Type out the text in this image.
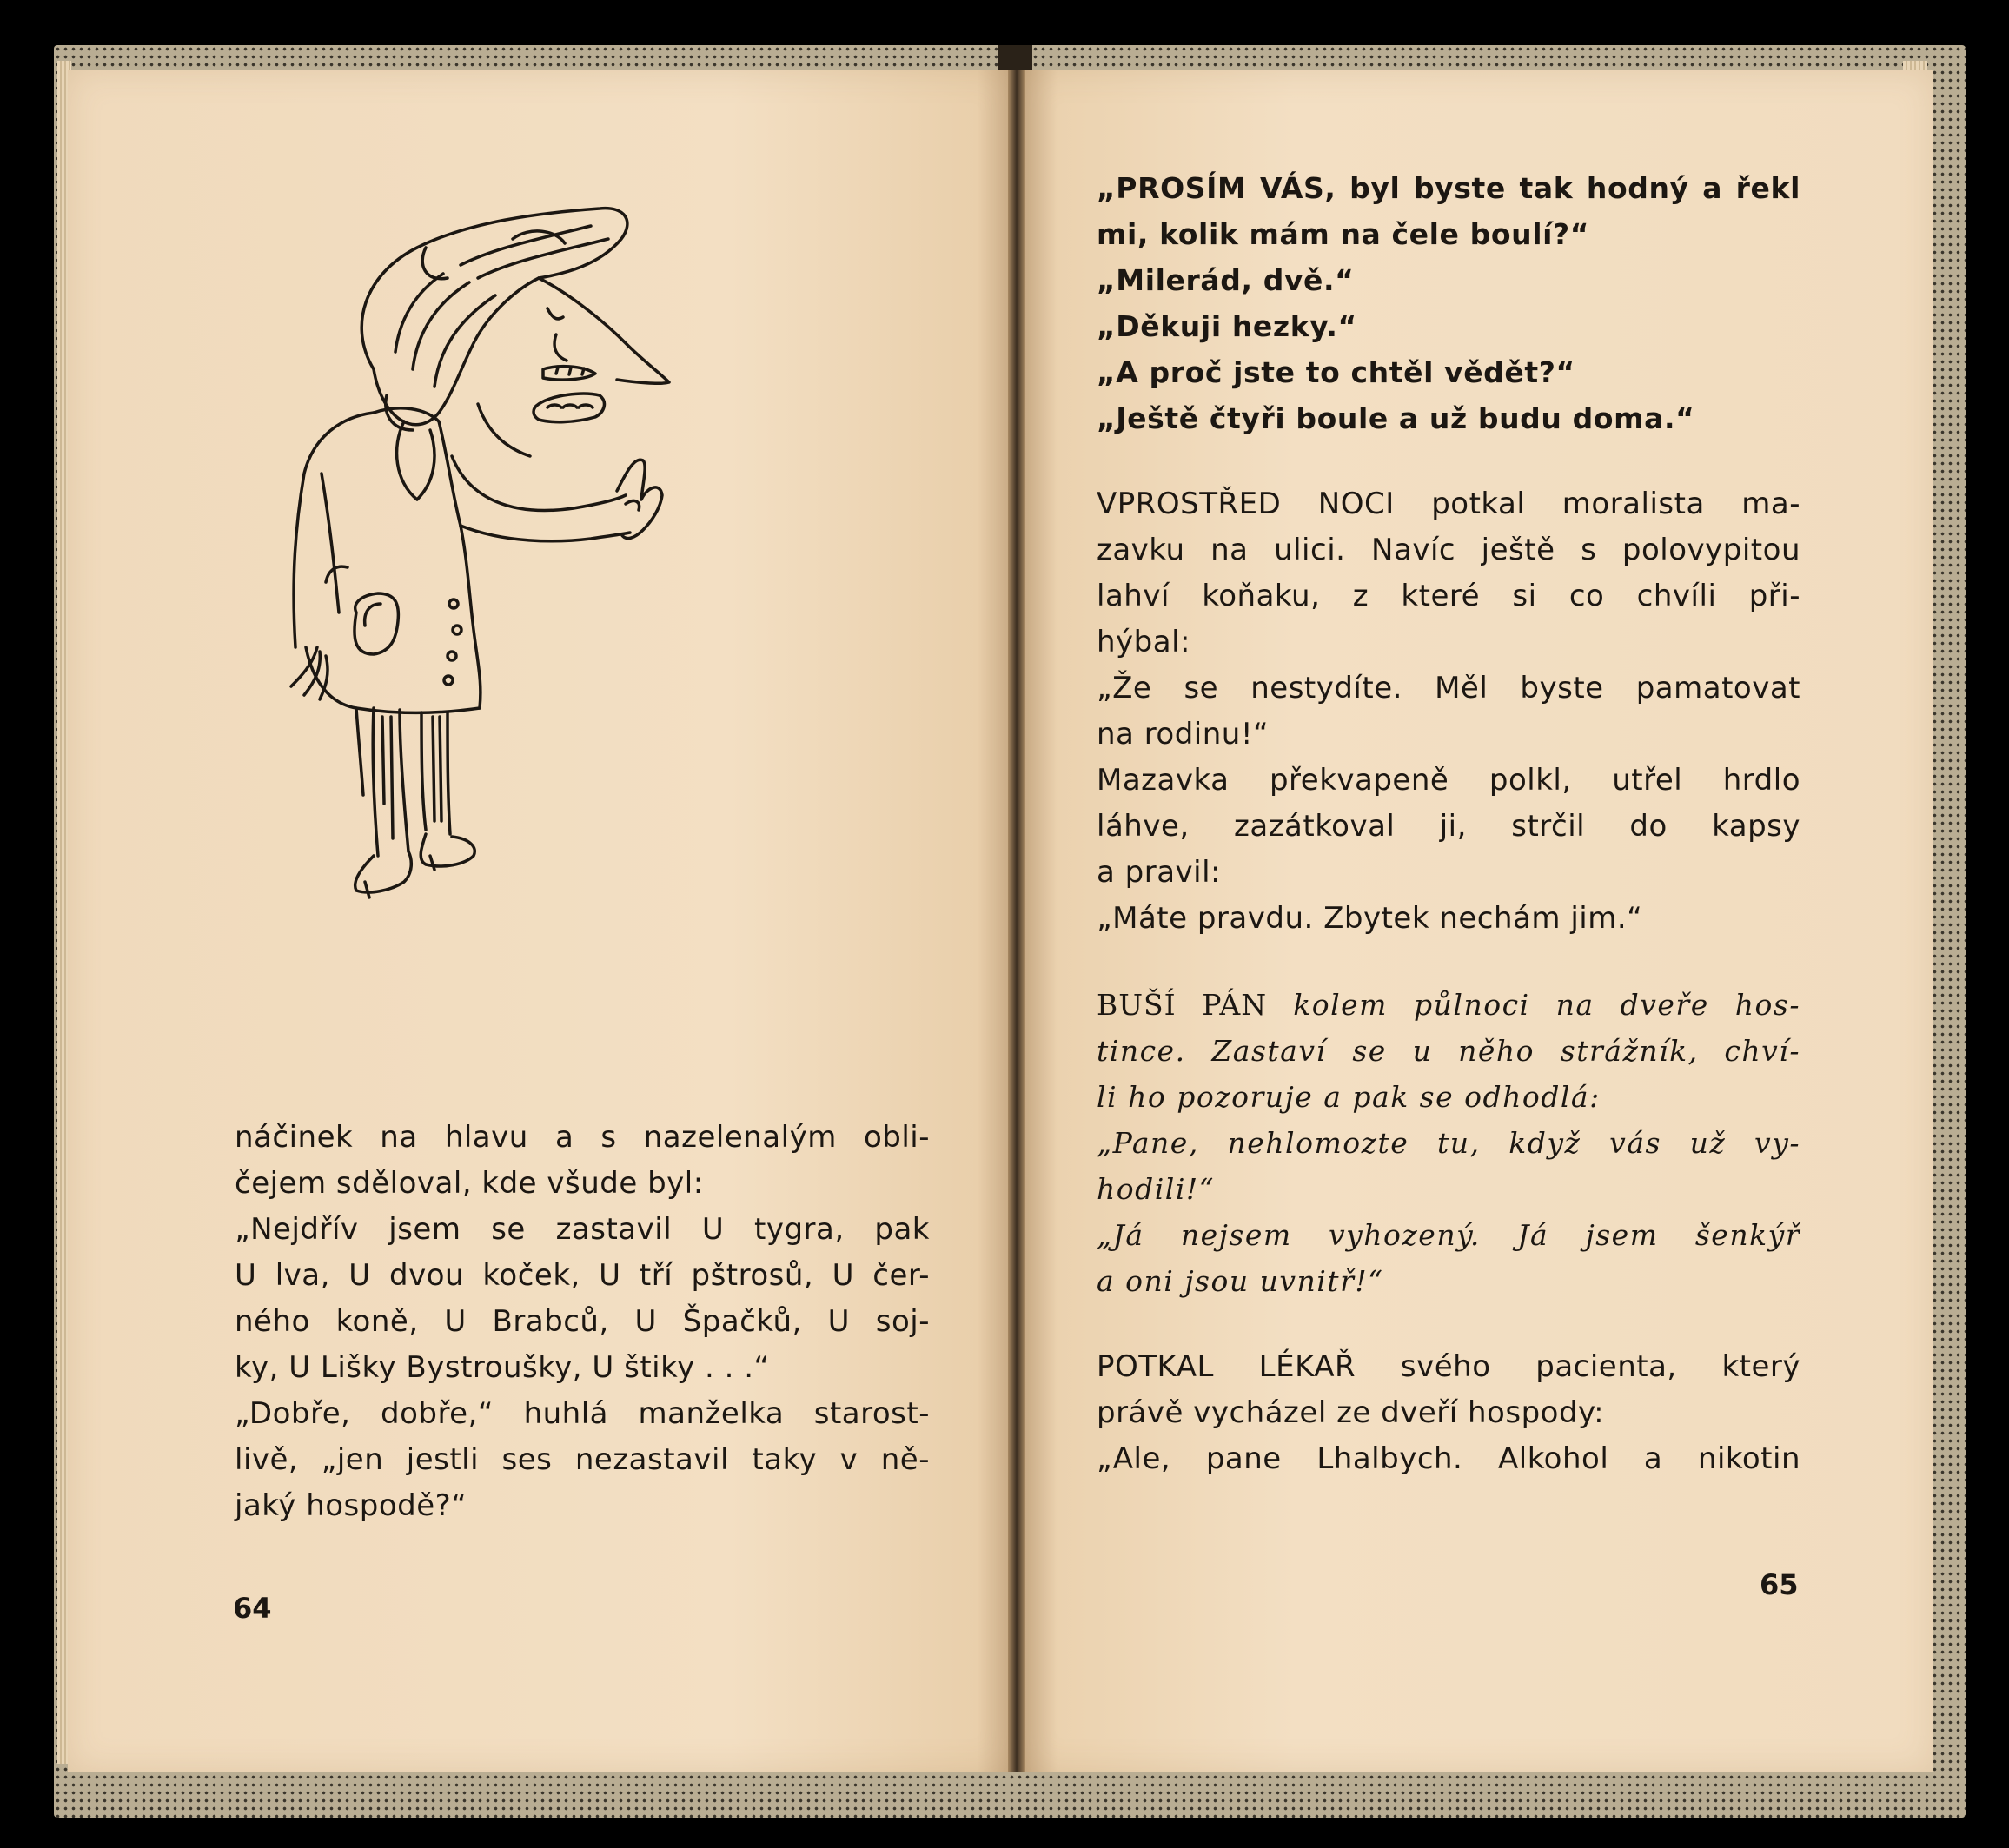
náčinek na hlavu a s nazelenalým obli-
čejem sděloval, kde všude byl:
„Nejdřív jsem se zastavil U tygra, pak
U lva, U dvou koček, U tří pštrosů, U čer-
ného koně, U Brabců, U Špačků, U soj-
ky, U Lišky Bystroušky, U štiky . . .“
„Dobře, dobře,“ huhlá manželka starost-
livě, „jen jestli ses nezastavil taky v ně-
jaký hospodě?“
64
„PROSÍM VÁS, byl byste tak hodný a řekl
mi, kolik mám na čele boulí?“
„Milerád, dvě.“
„Děkuji hezky.“
„A proč jste to chtěl vědět?“
„Ještě čtyři boule a už budu doma.“
VPROSTŘED NOCI potkal moralista ma-
zavku na ulici. Navíc ještě s polovypitou
lahví koňaku, z které si co chvíli při-
hýbal:
„Že se nestydíte. Měl byste pamatovat
na rodinu!“
Mazavka překvapeně polkl, utřel hrdlo
láhve, zazátkoval ji, strčil do kapsy
a pravil:
„Máte pravdu. Zbytek nechám jim.“
BUŠÍ PÁN kolem půlnoci na dveře hos-
tince. Zastaví se u něho strážník, chví-
li ho pozoruje a pak se odhodlá:
„Pane, nehlomozte tu, když vás už vy-
hodili!“
„Já nejsem vyhozený. Já jsem šenkýř
a oni jsou uvnitř!“
POTKAL LÉKAŘ svého pacienta, který
právě vycházel ze dveří hospody:
„Ale, pane Lhalbych. Alkohol a nikotin
65
